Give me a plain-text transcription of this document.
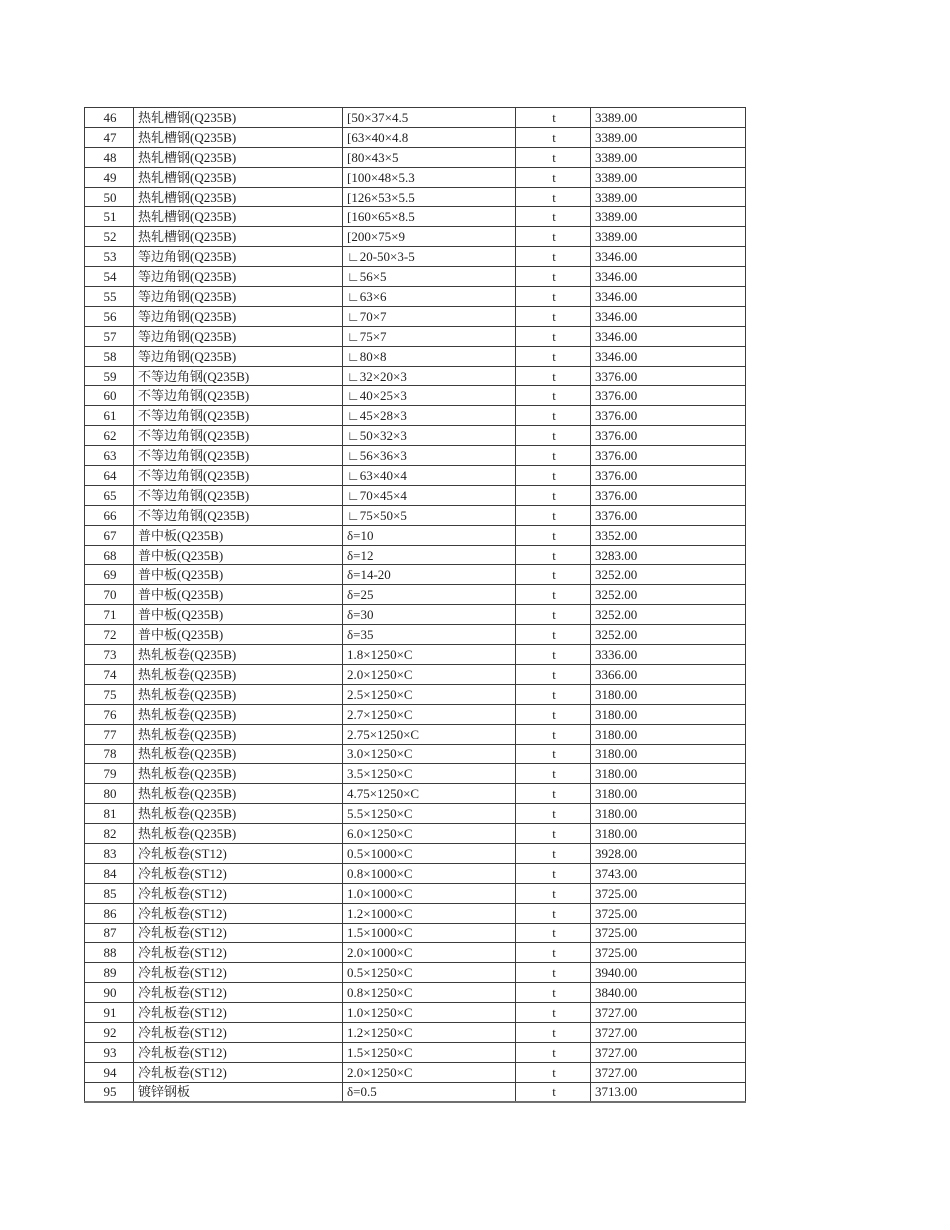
46	热轧槽钢(Q235B)	[50×37×4.5	t	3389.00
47	热轧槽钢(Q235B)	[63×40×4.8	t	3389.00
48	热轧槽钢(Q235B)	[80×43×5	t	3389.00
49	热轧槽钢(Q235B)	[100×48×5.3	t	3389.00
50	热轧槽钢(Q235B)	[126×53×5.5	t	3389.00
51	热轧槽钢(Q235B)	[160×65×8.5	t	3389.00
52	热轧槽钢(Q235B)	[200×75×9	t	3389.00
53	等边角钢(Q235B)	∟20-50×3-5	t	3346.00
54	等边角钢(Q235B)	∟56×5	t	3346.00
55	等边角钢(Q235B)	∟63×6	t	3346.00
56	等边角钢(Q235B)	∟70×7	t	3346.00
57	等边角钢(Q235B)	∟75×7	t	3346.00
58	等边角钢(Q235B)	∟80×8	t	3346.00
59	不等边角钢(Q235B)	∟32×20×3	t	3376.00
60	不等边角钢(Q235B)	∟40×25×3	t	3376.00
61	不等边角钢(Q235B)	∟45×28×3	t	3376.00
62	不等边角钢(Q235B)	∟50×32×3	t	3376.00
63	不等边角钢(Q235B)	∟56×36×3	t	3376.00
64	不等边角钢(Q235B)	∟63×40×4	t	3376.00
65	不等边角钢(Q235B)	∟70×45×4	t	3376.00
66	不等边角钢(Q235B)	∟75×50×5	t	3376.00
67	普中板(Q235B)	δ=10	t	3352.00
68	普中板(Q235B)	δ=12	t	3283.00
69	普中板(Q235B)	δ=14-20	t	3252.00
70	普中板(Q235B)	δ=25	t	3252.00
71	普中板(Q235B)	δ=30	t	3252.00
72	普中板(Q235B)	δ=35	t	3252.00
73	热轧板卷(Q235B)	1.8×1250×C	t	3336.00
74	热轧板卷(Q235B)	2.0×1250×C	t	3366.00
75	热轧板卷(Q235B)	2.5×1250×C	t	3180.00
76	热轧板卷(Q235B)	2.7×1250×C	t	3180.00
77	热轧板卷(Q235B)	2.75×1250×C	t	3180.00
78	热轧板卷(Q235B)	3.0×1250×C	t	3180.00
79	热轧板卷(Q235B)	3.5×1250×C	t	3180.00
80	热轧板卷(Q235B)	4.75×1250×C	t	3180.00
81	热轧板卷(Q235B)	5.5×1250×C	t	3180.00
82	热轧板卷(Q235B)	6.0×1250×C	t	3180.00
83	冷轧板卷(ST12)	0.5×1000×C	t	3928.00
84	冷轧板卷(ST12)	0.8×1000×C	t	3743.00
85	冷轧板卷(ST12)	1.0×1000×C	t	3725.00
86	冷轧板卷(ST12)	1.2×1000×C	t	3725.00
87	冷轧板卷(ST12)	1.5×1000×C	t	3725.00
88	冷轧板卷(ST12)	2.0×1000×C	t	3725.00
89	冷轧板卷(ST12)	0.5×1250×C	t	3940.00
90	冷轧板卷(ST12)	0.8×1250×C	t	3840.00
91	冷轧板卷(ST12)	1.0×1250×C	t	3727.00
92	冷轧板卷(ST12)	1.2×1250×C	t	3727.00
93	冷轧板卷(ST12)	1.5×1250×C	t	3727.00
94	冷轧板卷(ST12)	2.0×1250×C	t	3727.00
95	镀锌钢板	δ=0.5	t	3713.00
